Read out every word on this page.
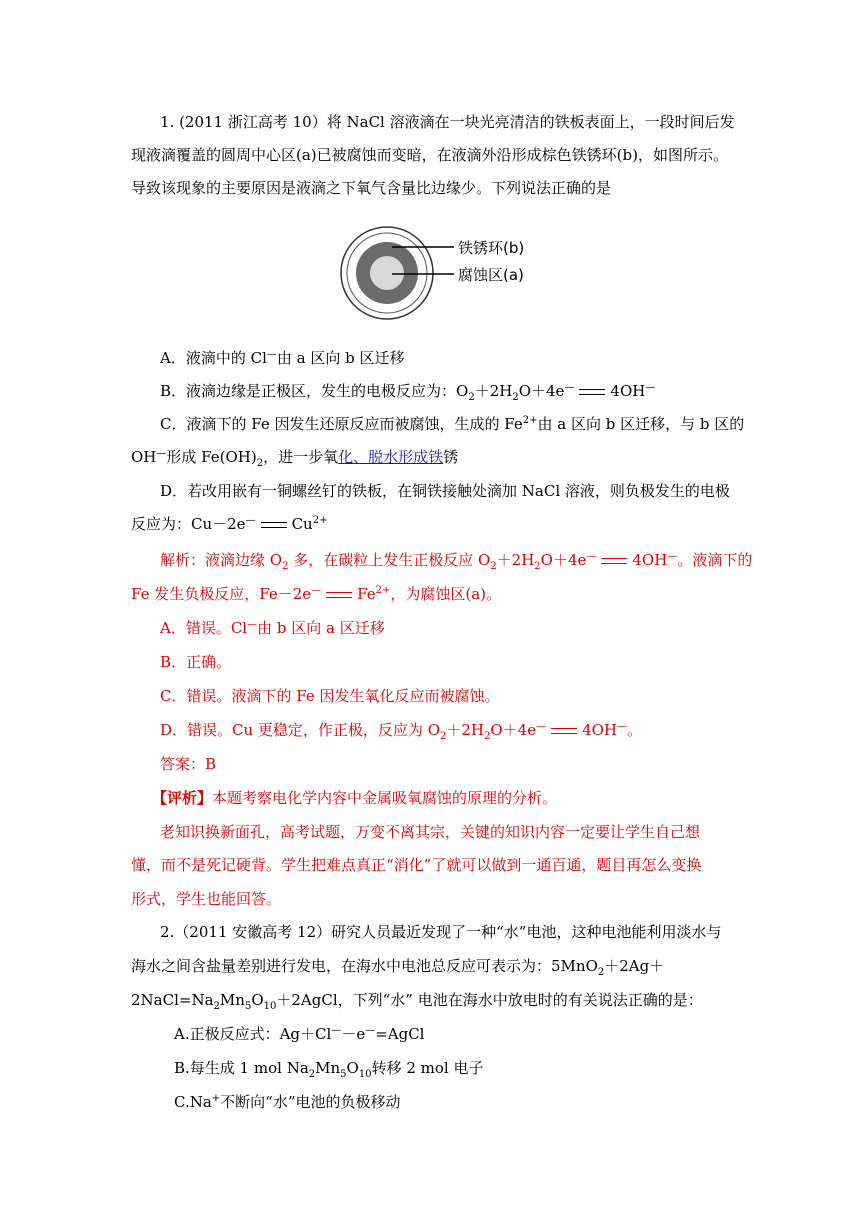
1. (2011 浙江高考 10）将 NaCl 溶液滴在一块光亮清洁的铁板表面上，一段时间后发
现液滴覆盖的圆周中心区(a)已被腐蚀而变暗，在液滴外沿形成棕色铁锈环(b)，如图所示。
导致该现象的主要原因是液滴之下氧气含量比边缘少。下列说法正确的是
铁锈环(b)
腐蚀区(a)
A．液滴中的 Cl—由 a 区向 b 区迁移
B．液滴边缘是正极区，发生的电极反应为：$O_2+2H_2O+4e^—$ 4OH—
C．液滴下的 Fe 因发生还原反应而被腐蚀，生成的 $Fe^{2+}$由 a 区向 b 区迁移，与 b 区的
OH—形成 $Fe(OH)_2$，进一步氧化、脱水形成铁锈
D．若改用嵌有一铜螺丝钉的铁板，在铜铁接触处滴加 NaCl 溶液，则负极发生的电极
反应为：Cu－2e— $Cu^{2+}$
解析：液滴边缘 $O_2$ 多，在碳粒上发生正极反应 $O_2+2H_2O+4e^—$ 4OH—。液滴下的
Fe 发生负极反应，Fe－2e— $Fe^{2+}$，为腐蚀区(a)。
A．错误。Cl—由 b 区向 a 区迁移
B．正确。
C．错误。液滴下的 Fe 因发生氧化反应而被腐蚀。
D．错误。Cu 更稳定，作正极，反应为 $O_2+2H_2O+4e^—$ 4OH—。
答案：B
【评析】本题考察电化学内容中金属吸氧腐蚀的原理的分析。
老知识换新面孔，高考试题，万变不离其宗，关键的知识内容一定要让学生自己想
懂，而不是死记硬背。学生把难点真正“消化”了就可以做到一通百通，题目再怎么变换
形式，学生也能回答。
2.（2011 安徽高考 12）研究人员最近发现了一种“水”电池，这种电池能利用淡水与
海水之间含盐量差别进行发电，在海水中电池总反应可表示为：5MnO$_2$＋2Ag＋
$2NaCl=Na_2Mn_5O_{10}+2AgCl$，下列“水” 电池在海水中放电时的有关说法正确的是：
A.正极反应式：Ag＋Cl—－e—=AgCl
B.每生成 1 mol $Na_2Mn_5O_{10}$转移 2 mol 电子
C.Na+不断向“水”电池的负极移动
